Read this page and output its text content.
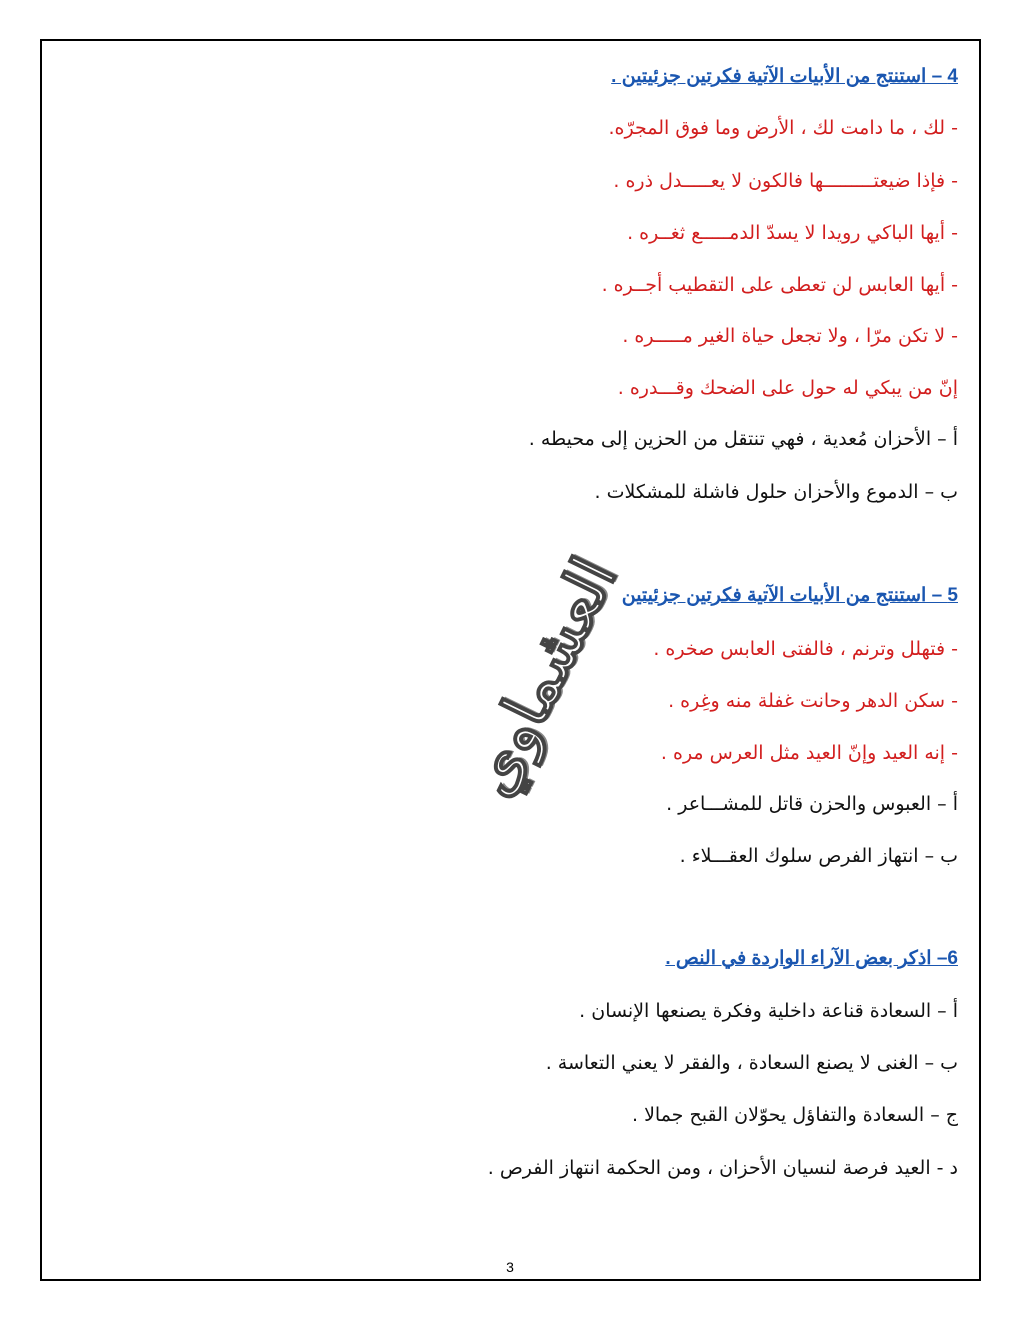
4 – استنتج من الأبيات الآتية فكرتين جزئيتين .
- لك ، ما دامت لك ، الأرض وما فوق المجرّه.
- فإذا ضيعتـــــــــها فالكون لا يعـــــدل ذره .
- أيها الباكي رويدا لا يسدّ الدمـــــع ثغــره .
- أيها العابس لن تعطى على التقطيب أجــره .
- لا تكن مرّا ، ولا تجعل حياة الغير مـــــره .
إنّ من يبكي له حول على الضحك وقـــدره .
أ – الأحزان مُعدية ، فهي تنتقل من الحزين إلى محيطه .
ب – الدموع والأحزان حلول فاشلة للمشكلات .
5 – استنتج من الأبيات الآتية فكرتين جزئيتين
- فتهلل وترنم ، فالفتى العابس صخره .
- سكن الدهر وحانت غفلة منه وغِره .
- إنه العيد وإنّ العيد مثل العرس مره .
أ – العبوس والحزن قاتل للمشـــاعر .
ب – انتهاز الفرص سلوك العقـــلاء .
6– اذكر بعض الآراء الواردة في النص .
أ – السعادة قناعة داخلية وفكرة يصنعها الإنسان .
ب – الغنى لا يصنع السعادة ، والفقر لا يعني التعاسة .
ج – السعادة والتفاؤل يحوّلان القبح جمالا .
د - العيد فرصة لنسيان الأحزان ، ومن الحكمة انتهاز الفرص .
العشماوي
3
